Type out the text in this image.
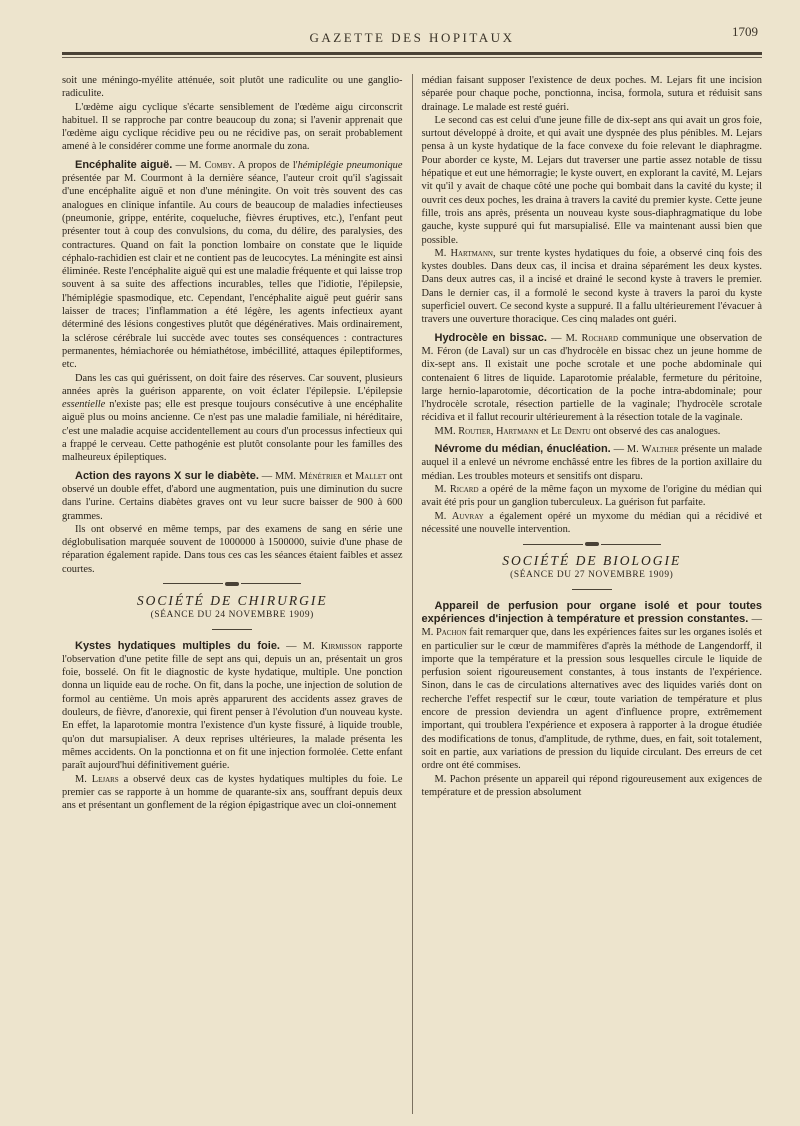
GAZETTE DES HOPITAUX	1709

soit une méningo-myélite atténuée, soit plutôt une radiculite ou une ganglio-radiculite.

L'œdème aigu cyclique s'écarte sensiblement de l'œdème aigu circonscrit habituel. Il se rapproche par contre beaucoup du zona; si l'avenir apprenait que l'œdème aigu cyclique récidive peu ou ne récidive pas, on serait probablement amené à le considérer comme une forme anormale du zona.

Encéphalite aiguë. — M. Comby. A propos de l'hémiplégie pneumonique présentée par M. Courmont à la dernière séance, l'auteur croit qu'il s'agissait d'une encéphalite aiguë et non d'une méningite. On voit très souvent des cas analogues en clinique infantile. Au cours de beaucoup de maladies infectieuses (pneumonie, grippe, entérite, coqueluche, fièvres éruptives, etc.), l'enfant peut présenter tout à coup des convulsions, du coma, du délire, des paralysies, des contractures. Quand on fait la ponction lombaire on constate que le liquide céphalo-rachidien est clair et ne contient pas de leucocytes. La méningite est ainsi éliminée. Reste l'encéphalite aiguë qui est une maladie fréquente et qui laisse trop souvent à sa suite des affections incurables, telles que l'idiotie, l'épilepsie, l'hémiplégie spasmodique, etc. Cependant, l'encéphalite aiguë peut guérir sans laisser de traces; l'inflammation a été légère, les agents infectieux ayant déterminé des lésions congestives plutôt que dégénératives. Mais ordinairement, la sclérose cérébrale lui succède avec toutes ses conséquences : contractures permanentes, hémiachorée ou hémiathétose, imbécillité, attaques épileptiformes, etc.

Dans les cas qui guérissent, on doit faire des réserves. Car souvent, plusieurs années après la guérison apparente, on voit éclater l'épilepsie. L'épilepsie essentielle n'existe pas; elle est presque toujours consécutive à une encéphalite aiguë plus ou moins ancienne. Ce n'est pas une maladie familiale, ni héréditaire, c'est une maladie acquise accidentellement au cours d'un processus infectieux qui a frappé le cerveau. Cette pathogénie est plutôt consolante pour les familles des malheureux épileptiques.

Action des rayons X sur le diabète. — MM. Ménétrier et Mallet ont observé un double effet, d'abord une augmentation, puis une diminution du sucre dans l'urine. Certains diabètes graves ont vu leur sucre baisser de 900 à 600 grammes.

Ils ont observé en même temps, par des examens de sang en série une déglobulisation marquée souvent de 1000000 à 1500000, suivie d'une phase de réparation également rapide. Dans tous ces cas les séances étaient faibles et assez courtes.

SOCIÉTÉ DE CHIRURGIE

(SÉANCE DU 24 NOVEMBRE 1909)

Kystes hydatiques multiples du foie. — M. Kirmisson rapporte l'observation d'une petite fille de sept ans qui, depuis un an, présentait un gros foie, bosselé. On fit le diagnostic de kyste hydatique, multiple. Une ponction donna un liquide eau de roche. On fit, dans la poche, une injection de solution de formol au centième. Un mois après apparurent des accidents assez graves de douleurs, de fièvre, d'anorexie, qui firent penser à l'évolution d'un nouveau kyste. En effet, la laparotomie montra l'existence d'un kyste fissuré, à liquide trouble, qu'on dut marsupialiser. A deux reprises ultérieures, la malade présenta les mêmes accidents. On la ponctionna et on fit une injection formolée. Cette enfant paraît aujourd'hui définitivement guérie.

M. Lejars a observé deux cas de kystes hydatiques multiples du foie. Le premier cas se rapporte à un homme de quarante-six ans, souffrant depuis deux ans et présentant un gonflement de la région épigastrique avec un cloi-onnement

médian faisant supposer l'existence de deux poches. M. Lejars fit une incision séparée pour chaque poche, ponctionna, incisa, formola, sutura et réduisit sans drainage. Le malade est resté guéri.

Le second cas est celui d'une jeune fille de dix-sept ans qui avait un gros foie, surtout développé à droite, et qui avait une dyspnée des plus pénibles. M. Lejars pensa à un kyste hydatique de la face convexe du foie relevant le diaphragme. Pour aborder ce kyste, M. Lejars dut traverser une partie assez notable de tissu hépatique et eut une hémorragie; le kyste ouvert, en explorant la cavité, M. Lejars vit qu'il y avait de chaque côté une poche qui bombait dans la cavité du kyste; il ouvrit ces deux poches, les draina à travers la cavité du premier kyste. Cette jeune fille, trois ans après, présenta un nouveau kyste sous-diaphragmatique du lobe gauche, kyste suppuré qui fut marsupialisé. Elle va maintenant aussi bien que possible.

M. Hartmann, sur trente kystes hydatiques du foie, a observé cinq fois des kystes doubles. Dans deux cas, il incisa et draina séparément les deux kystes. Dans deux autres cas, il a incisé et drainé le second kyste à travers le premier. Dans le dernier cas, il a formolé le second kyste à travers la paroi du kyste superficiel ouvert. Ce second kyste a suppuré. Il a fallu ultérieurement l'évacuer à travers une ouverture thoracique. Ces cinq malades ont guéri.

Hydrocèle en bissac. — M. Rochard communique une observation de M. Féron (de Laval) sur un cas d'hydrocèle en bissac chez un jeune homme de dix-sept ans. Il existait une poche scrotale et une poche abdominale qui contenaient 6 litres de liquide. Laparotomie préalable, fermeture du péritoine, large hernio-laparotomie, décortication de la poche intra-abdominale; pour l'hydrocèle scrotale, résection partielle de la vaginale; l'hydrocèle scrotale récidiva et il fallut recourir ultérieurement à la résection totale de la vaginale.

MM. Routier, Hartmann et Le Dentu ont observé des cas analogues.

Névrome du médian, énucléation. — M. Walther présente un malade auquel il a enlevé un névrome enchâssé entre les fibres de la portion axillaire du médian. Les troubles moteurs et sensitifs ont disparu.

M. Ricard a opéré de la même façon un myxome de l'origine du médian qui avait été pris pour un ganglion tuberculeux. La guérison fut parfaite.

M. Auvray a également opéré un myxome du médian qui a récidivé et nécessité une nouvelle intervention.

SOCIÉTÉ DE BIOLOGIE

(SÉANCE DU 27 NOVEMBRE 1909)

Appareil de perfusion pour organe isolé et pour toutes expériences d'injection à température et pression constantes. — M. Pachon fait remarquer que, dans les expériences faites sur les organes isolés et en particulier sur le cœur de mammifères d'après la méthode de Langendorff, il importe que la température et la pression sous lesquelles circule le liquide de perfusion soient rigoureusement constantes, à tous instants de l'expérience. Sinon, dans le cas de circulations alternatives avec des liquides variés dont on recherche l'effet respectif sur le cœur, toute variation de température et plus encore de pression deviendra un agent d'influence propre, extrêmement important, qui troublera l'expérience et exposera à rapporter à la drogue étudiée des modifications de tonus, d'amplitude, de rythme, dues, en fait, soit totalement, soit en partie, aux variations de pression du liquide circulant. Des erreurs de cet ordre ont été commises.

M. Pachon présente un appareil qui répond rigoureusement aux exigences de température et de pression absolument
